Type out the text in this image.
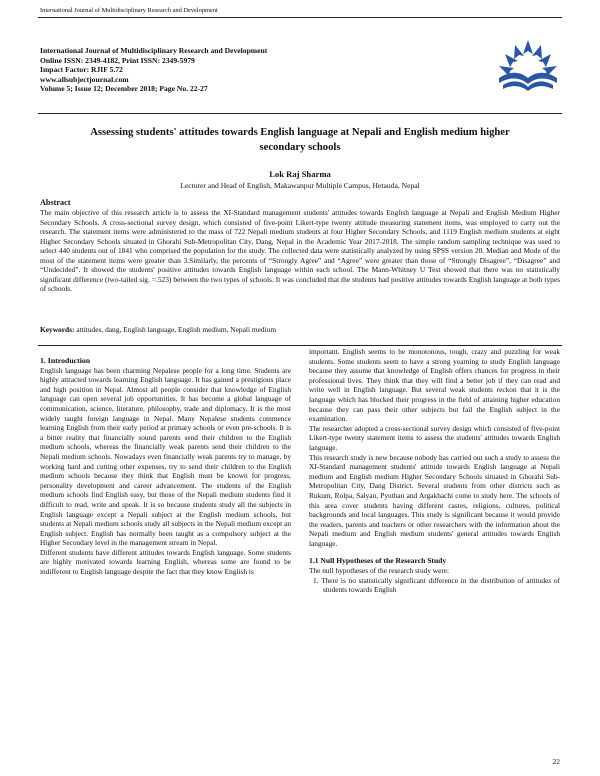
International Journal of Multidisciplinary Research and Development
International Journal of Multidisciplinary Research and Development
Online ISSN: 2349-4182, Print ISSN: 2349-5979
Impact Factor: RJIF 5.72
www.allsubjectjournal.com
Volume 5; Issue 12; December 2018; Page No. 22-27
Assessing students' attitudes towards English language at Nepali and English medium higher secondary schools
Lok Raj Sharma
Lecturer and Head of English, Makawanpur Multiple Campus, Hetauda, Nepal
Abstract

The main objective of this research article is to assess the XI-Standard management students' attitudes towards English language at Nepali and English Medium Higher Secondary Schools. A cross-sectional survey design, which consisted of five-point Likert-type twenty attitude measuring statement items, was employed to carry out the research. The statement items were administered to the mass of 722 Nepali medium students at four Higher Secondary Schools, and 1119 English medium students at eight Higher Secondary Schools situated in Ghorahi Sub-Metropolitan City, Dang, Nepal in the Academic Year 2017-2018. The simple random sampling technique was used to select 440 students out of 1841 who comprised the population for the study. The collected data were statistically analyzed by using SPSS version 20. Median and Mode of the most of the statement items were greater than 3.Similarly, the percents of “Strongly Agree” and “Agree” were greater than those of “Strongly Disagree”, “Disagree” and “Undecided”. It showed the students' positive attitudes towards English language within each school. The Mann-Whitney U Test showed that there was no statistically significant difference (two-tailed sig. =.523) between the two types of schools. It was concluded that the students had positive attitudes towards English language at both types of schools.

Keywords: attitudes, dang, English language, English medium, Nepali medium

1. Introduction

English language has been charming Nepalese people for a long time. Students are highly attracted towards learning English language. It has gained a prestigious place and high position in Nepal. Almost all people consider that knowledge of English language can open several job opportunities. It has become a global language of communication, science, literature, philosophy, trade and diplomacy. It is the most widely taught foreign language in Nepal. Many Nepalese students commence learning English from their early period at primary schools or even pre-schools. It is a bitter reality that financially sound parents send their children to the English medium schools, whereas the financially weak parents send their children to the Nepali medium schools. Nowadays even financially weak parents try to manage, by working hard and cutting other expenses, try to send their children to the English medium schools because they think that English must be known for progress, personality development and career advancement. The students of the English medium schools find English easy, but those of the Nepali medium students find it difficult to read, write and speak. It is so because students study all the subjects in English language except a Nepali subject at the English medium schools, but students at Nepali medium schools study all subjects in the Nepali medium except an English subject. English has normally been taught as a compulsory subject at the Higher Secondary level in the management stream in Nepal.

Different students have different attitudes towards English language. Some students are highly motivated towards learning English, whereas some are found to be indifferent to English language despite the fact that they know English is

important. English seems to be monotonous, tough, crazy and puzzling for weak students. Some students seem to have a strong yearning to study English language because they assume that knowledge of English offers chances for progress in their professional lives. They think that they will find a better job if they can read and write well in English language. But several weak students reckon that it is the language which has blocked their progress in the field of attaining higher education because they can pass their other subjects but fail the English subject in the examination.

The researcher adopted a cross-sectional survey design which consisted of five-point Likert-type twenty statement items to assess the students' attitudes towards English language.

This research study is new because nobody has carried out such a study to assess the XI-Standard management students' attitude towards English language at Nepali medium and English medium Higher Secondary Schools situated in Ghorahi Sub-Metropolitan City, Dang District. Several students from other districts such as Rukum, Rolpa, Salyan, Pyuthan and Argakhachi come to study here. The schools of this area cover students having different castes, religions, cultures, political backgrounds and local languages. This study is significant because it would provide the readers, parents and teachers or other researchers with the information about the Nepali medium and English medium students' general attitudes towards English language.

1.1 Null Hypotheses of the Research Study

The null hypotheses of the research study were:

1. There is no statistically significant difference in the distribution of attitudes of students towards English

22
